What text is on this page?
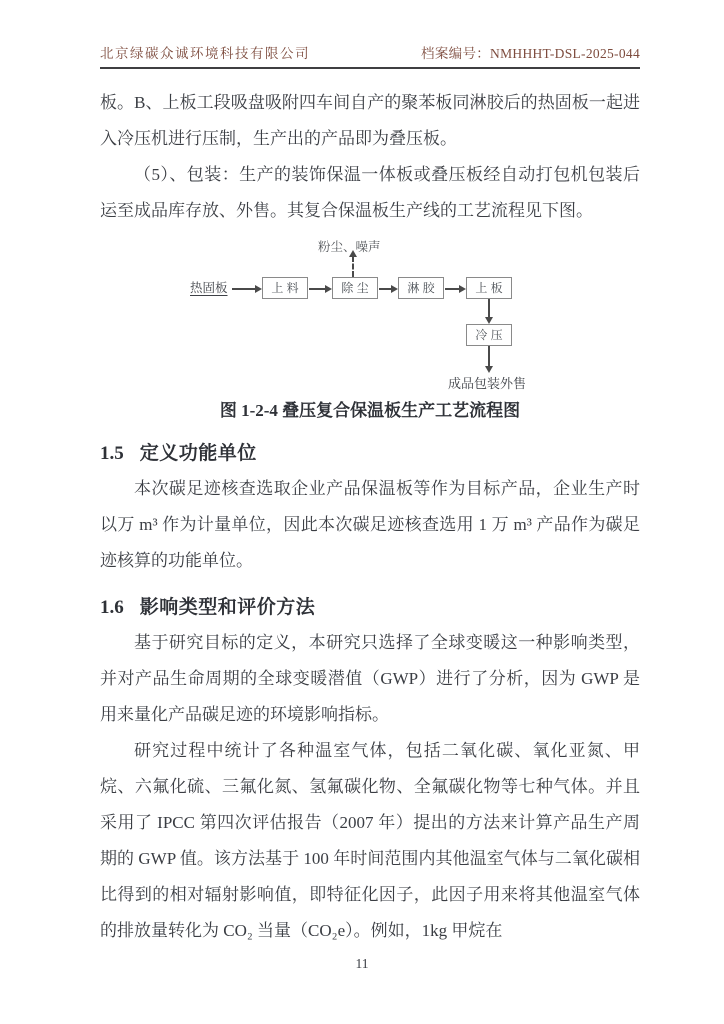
北京绿碳众诚环境科技有限公司	档案编号：NMHHHT-DSL-2025-044

板。B、上板工段吸盘吸附四车间自产的聚苯板同淋胶后的热固板一起进入冷压机进行压制，生产出的产品即为叠压板。

（5）、包装：生产的装饰保温一体板或叠压板经自动打包机包装后运至成品库存放、外售。其复合保温板生产线的工艺流程见下图。

粉尘、噪声
热固板	上 料	除 尘	淋 胶	上 板
冷 压
成品包装外售
图 1-2-4 叠压复合保温板生产工艺流程图
1.5 定义功能单位

本次碳足迹核查选取企业产品保温板等作为目标产品，企业生产时以万 m³ 作为计量单位，因此本次碳足迹核查选用 1 万 m³ 产品作为碳足迹核算的功能单位。

1.6 影响类型和评价方法

基于研究目标的定义，本研究只选择了全球变暖这一种影响类型，并对产品生命周期的全球变暖潜值（GWP）进行了分析，因为 GWP 是用来量化产品碳足迹的环境影响指标。

研究过程中统计了各种温室气体，包括二氧化碳、氧化亚氮、甲烷、六氟化硫、三氟化氮、氢氟碳化物、全氟碳化物等七种气体。并且采用了 IPCC 第四次评估报告（2007 年）提出的方法来计算产品生产周期的 GWP 值。该方法基于 100 年时间范围内其他温室气体与二氧化碳相比得到的相对辐射影响值，即特征化因子，此因子用来将其他温室气体的排放量转化为 CO₂ 当量（CO₂e）。例如，1kg 甲烷在

11
